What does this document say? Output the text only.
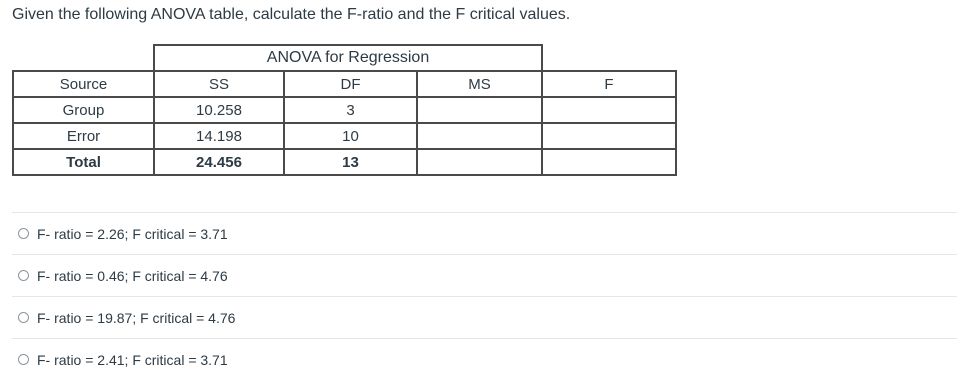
Given the following ANOVA table, calculate the F-ratio and the F critical values.
	ANOVA for Regression			
Source	SS	DF	MS	F
Group	10.258	3		
Error	14.198	10		
Total	24.456	13		
F- ratio = 2.26; F critical = 3.71
F- ratio = 0.46; F critical = 4.76
F- ratio = 19.87; F critical = 4.76
F- ratio = 2.41; F critical = 3.71
